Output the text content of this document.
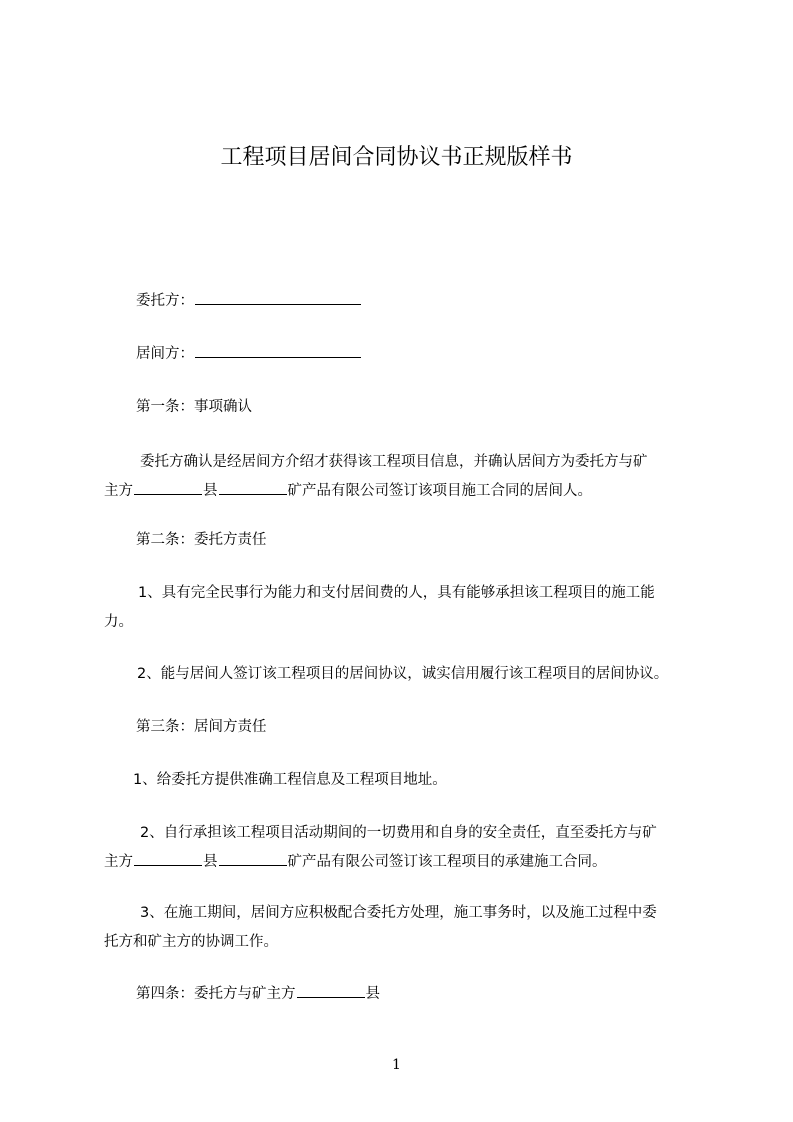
工程项目居间合同协议书正规版样书
委托方：
居间方：
第一条：事项确认
委托方确认是经居间方介绍才获得该工程项目信息，并确认居间方为委托方与矿
主方	县	矿产品有限公司签订该项目施工合同的居间人。
第二条：委托方责任
1、具有完全民事行为能力和支付居间费的人，具有能够承担该工程项目的施工能
力。
2、能与居间人签订该工程项目的居间协议，诚实信用履行该工程项目的居间协议。
第三条：居间方责任
1、给委托方提供准确工程信息及工程项目地址。
2、自行承担该工程项目活动期间的一切费用和自身的安全责任，直至委托方与矿
主方	县	矿产品有限公司签订该工程项目的承建施工合同。
3、在施工期间，居间方应积极配合委托方处理，施工事务时，以及施工过程中委
托方和矿主方的协调工作。
第四条：委托方与矿主方	县
1
